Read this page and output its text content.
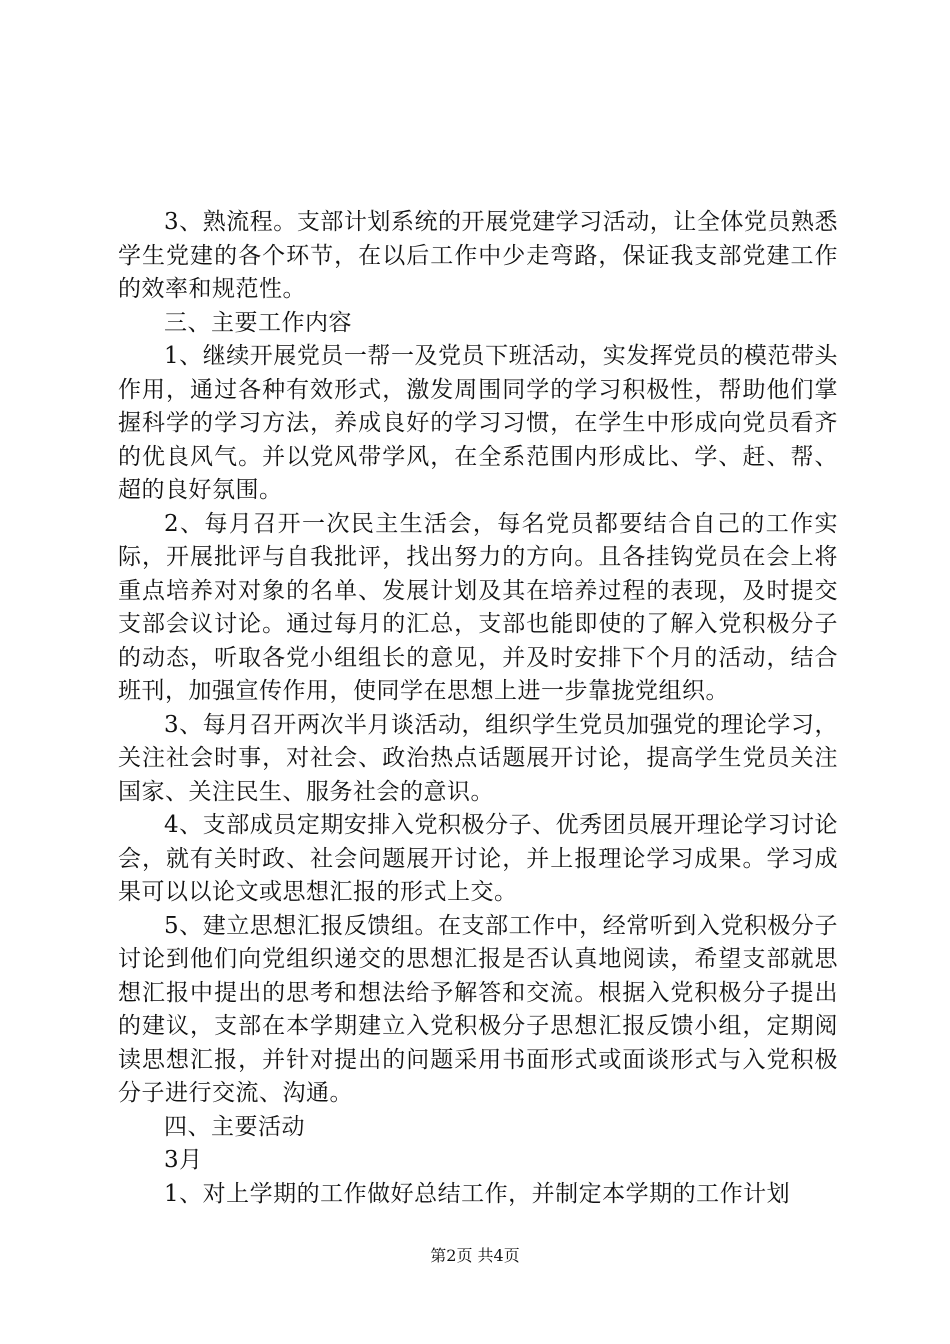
3、熟流程。支部计划系统的开展党建学习活动，让全体党员熟悉学生党建的各个环节，在以后工作中少走弯路，保证我支部党建工作的效率和规范性。

三、主要工作内容

1、继续开展党员一帮一及党员下班活动，实发挥党员的模范带头作用，通过各种有效形式，激发周围同学的学习积极性，帮助他们掌握科学的学习方法，养成良好的学习习惯，在学生中形成向党员看齐的优良风气。并以党风带学风，在全系范围内形成比、学、赶、帮、超的良好氛围。

2、每月召开一次民主生活会，每名党员都要结合自己的工作实际，开展批评与自我批评，找出努力的方向。且各挂钩党员在会上将重点培养对对象的名单、发展计划及其在培养过程的表现，及时提交支部会议讨论。通过每月的汇总，支部也能即使的了解入党积极分子的动态，听取各党小组组长的意见，并及时安排下个月的活动，结合班刊，加强宣传作用，使同学在思想上进一步靠拢党组织。

3、每月召开两次半月谈活动，组织学生党员加强党的理论学习，关注社会时事，对社会、政治热点话题展开讨论，提高学生党员关注国家、关注民生、服务社会的意识。

4、支部成员定期安排入党积极分子、优秀团员展开理论学习讨论会，就有关时政、社会问题展开讨论，并上报理论学习成果。学习成果可以以论文或思想汇报的形式上交。

5、建立思想汇报反馈组。在支部工作中，经常听到入党积极分子讨论到他们向党组织递交的思想汇报是否认真地阅读，希望支部就思想汇报中提出的思考和想法给予解答和交流。根据入党积极分子提出的建议，支部在本学期建立入党积极分子思想汇报反馈小组，定期阅读思想汇报，并针对提出的问题采用书面形式或面谈形式与入党积极分子进行交流、沟通。

四、主要活动

3月

1、对上学期的工作做好总结工作，并制定本学期的工作计划

第2页 共4页
